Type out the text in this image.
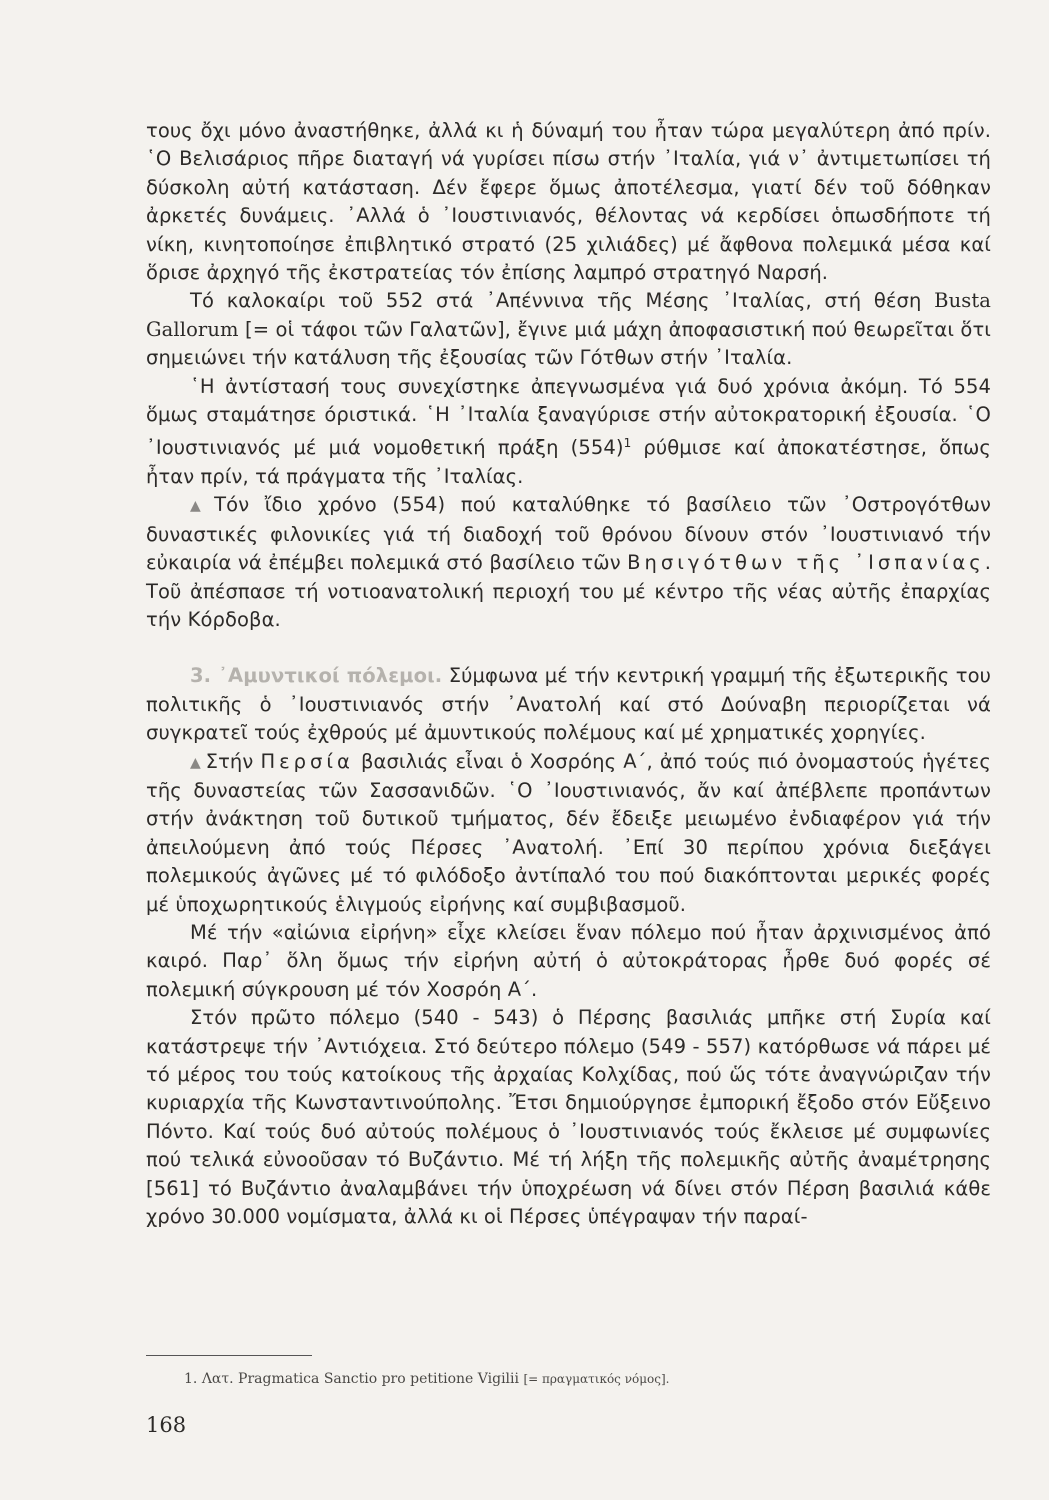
τους ὄχι μόνο ἀναστήθηκε, ἀλλά κι ἡ δύναμή του ἦταν τώρα μεγαλύτερη ἀπό πρίν. ῾Ο Βελισάριος πῆρε διαταγή νά γυρίσει πίσω στήν ᾿Ιταλία, γιά ν᾿ ἀντιμετωπίσει τή δύσκολη αὐτή κατάσταση. Δέν ἔφερε ὅμως ἀποτέλεσμα, γιατί δέν τοῦ δόθηκαν ἀρκετές δυνάμεις. ᾿Αλλά ὁ ᾿Ιουστινιανός, θέλοντας νά κερδίσει ὁπωσδήποτε τή νίκη, κινητοποίησε ἐπιβλητικό στρατό (25 χιλιάδες) μέ ἄφθονα πολεμικά μέσα καί ὅρισε ἀρχηγό τῆς ἐκστρατείας τόν ἐπίσης λαμπρό στρατηγό Ναρσή.

Τό καλοκαίρι τοῦ 552 στά ᾿Απέννινα τῆς Μέσης ᾿Ιταλίας, στή θέση Busta Gallorum [= οἱ τάφοι τῶν Γαλατῶν], ἔγινε μιά μάχη ἀποφασιστική πού θεωρεῖται ὅτι σημειώνει τήν κατάλυση τῆς ἐξουσίας τῶν Γότθων στήν ᾿Ιταλία.

῾Η ἀντίστασή τους συνεχίστηκε ἀπεγνωσμένα γιά δυό χρόνια ἀκόμη. Τό 554 ὅμως σταμάτησε όριστικά. ῾Η ᾿Ιταλία ξαναγύρισε στήν αὐτοκρατορική ἐξουσία. ῾Ο ᾿Ιουστινιανός μέ μιά νομοθετική πράξη $(554)^1$ ρύθμισε καί ἀποκατέστησε, ὅπως ἦταν πρίν, τά πράγματα τῆς ᾿Ιταλίας.

▲ Τόν ἴδιο χρόνο (554) πού καταλύθηκε τό βασίλειο τῶν ᾿Οστρογότθων δυναστικές φιλονικίες γιά τή διαδοχή τοῦ θρόνου δίνουν στόν ᾿Ιουστινιανό τήν εὐκαιρία νά ἐπέμβει πολεμικά στό βασίλειο τῶν Βησιγότθων τῆς ᾿Ισπανίας. Τοῦ ἀπέσπασε τή νοτιοανατολική περιοχή του μέ κέντρο τῆς νέας αὐτῆς ἐπαρχίας τήν Κόρδοβα.

3. ᾿Αμυντικοί πόλεμοι. Σύμφωνα μέ τήν κεντρική γραμμή τῆς ἐξωτερικῆς του πολιτικῆς ὁ ᾿Ιουστινιανός στήν ᾿Ανατολή καί στό Δούναβη περιορίζεται νά συγκρατεῖ τούς ἐχθρούς μέ ἀμυντικούς πολέμους καί μέ χρηματικές χορηγίες.

▲ Στήν Περσία βασιλιάς εἶναι ὁ Χοσρόης Α΄, ἀπό τούς πιό ὀνομαστούς ἡγέτες τῆς δυναστείας τῶν Σασσανιδῶν. ῾Ο ᾿Ιουστινιανός, ἄν καί ἀπέβλεπε προπάντων στήν ἀνάκτηση τοῦ δυτικοῦ τμήματος, δέν ἔδειξε μειωμένο ἐνδιαφέρον γιά τήν ἀπειλούμενη ἀπό τούς Πέρσες ᾿Ανατολή. ᾿Επί 30 περίπου χρόνια διεξάγει πολεμικούς ἀγῶνες μέ τό φιλόδοξο ἀντίπαλό του πού διακόπτονται μερικές φορές μέ ὑποχωρητικούς ἑλιγμούς εἰρήνης καί συμβιβασμοῦ.

Μέ τήν «αἰώνια εἰρήνη» εἶχε κλείσει ἕναν πόλεμο πού ἦταν ἀρχινισμένος ἀπό καιρό. Παρ᾿ ὅλη ὅμως τήν εἰρήνη αὐτή ὁ αὐτοκράτορας ἦρθε δυό φορές σέ πολεμική σύγκρουση μέ τόν Χοσρόη Α΄.

Στόν πρῶτο πόλεμο (540 - 543) ὁ Πέρσης βασιλιάς μπῆκε στή Συρία καί κατάστρεψε τήν ᾿Αντιόχεια. Στό δεύτερο πόλεμο (549 - 557) κατόρθωσε νά πάρει μέ τό μέρος του τούς κατοίκους τῆς ἀρχαίας Κολχίδας, πού ὥς τότε ἀναγνώριζαν τήν κυριαρχία τῆς Κωνσταντινούπολης. Ἔτσι δημιούργησε ἐμπορική ἔξοδο στόν Εὔξεινο Πόντο. Καί τούς δυό αὐτούς πολέμους ὁ ᾿Ιουστινιανός τούς ἔκλεισε μέ συμφωνίες πού τελικά εὐνοοῦσαν τό Βυζάντιο. Μέ τή λήξη τῆς πολεμικῆς αὐτῆς ἀναμέτρησης [561] τό Βυζάντιο ἀναλαμβάνει τήν ὑποχρέωση νά δίνει στόν Πέρση βασιλιά κάθε χρόνο 30.000 νομίσματα, ἀλλά κι οἱ Πέρσες ὑπέγραψαν τήν παραί-

1. Λατ. Pragmatica Sanctio pro petitione Vigilii [= πραγματικός νόμος].
168
